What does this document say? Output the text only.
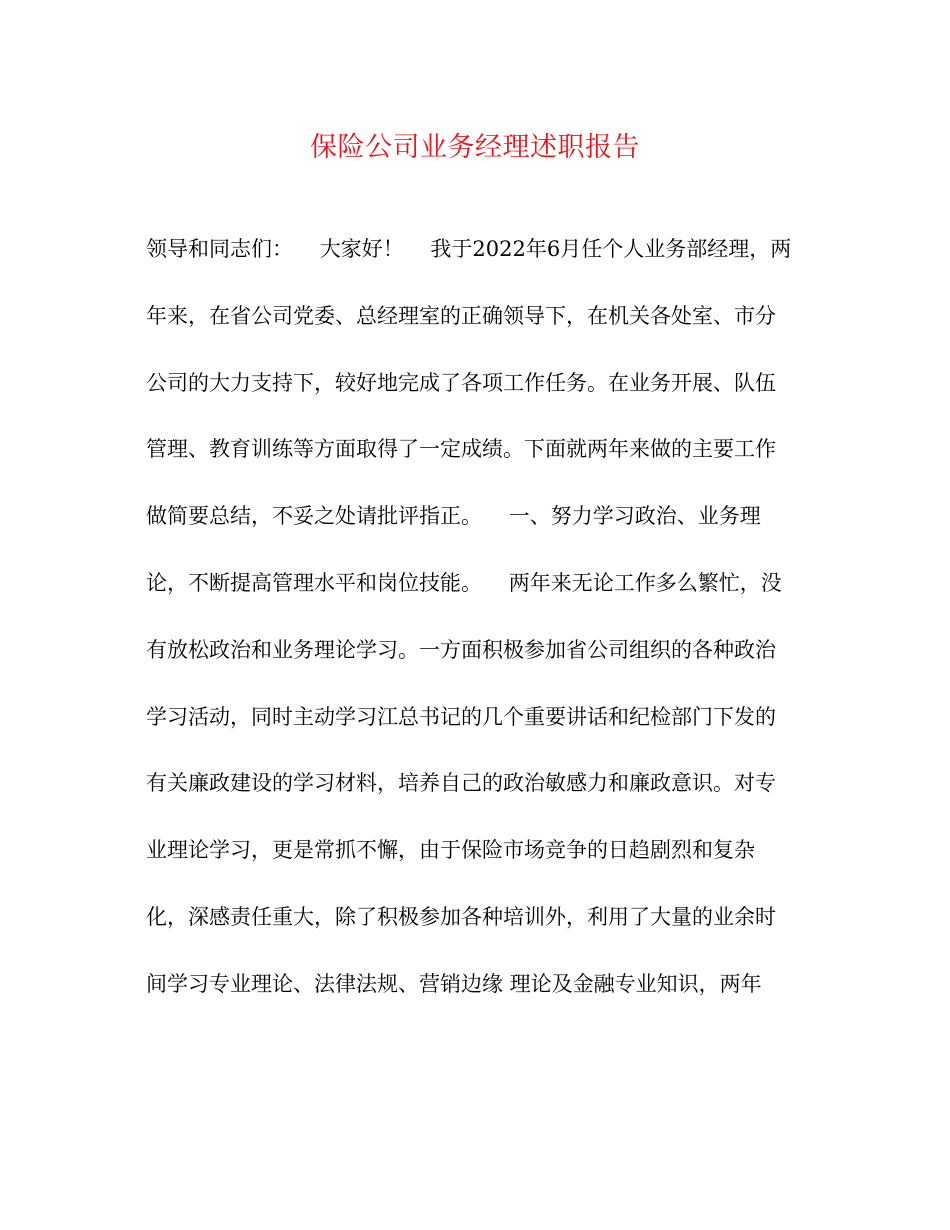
保险公司业务经理述职报告
领导和同志们：    大家好！    我于2022年6月任个人业务部经理，两
年来，在省公司党委、总经理室的正确领导下，在机关各处室、市分
公司的大力支持下，较好地完成了各项工作任务。在业务开展、队伍
管理、教育训练等方面取得了一定成绩。下面就两年来做的主要工作
做简要总结，不妥之处请批评指正。    一、努力学习政治、业务理
论，不断提高管理水平和岗位技能。    两年来无论工作多么繁忙，没
有放松政治和业务理论学习。一方面积极参加省公司组织的各种政治
学习活动，同时主动学习江总书记的几个重要讲话和纪检部门下发的
有关廉政建设的学习材料，培养自己的政治敏感力和廉政意识。对专
业理论学习，更是常抓不懈，由于保险市场竞争的日趋剧烈和复杂
化，深感责任重大，除了积极参加各种培训外，利用了大量的业余时
间学习专业理论、法律法规、营销边缘 理论及金融专业知识，两年
